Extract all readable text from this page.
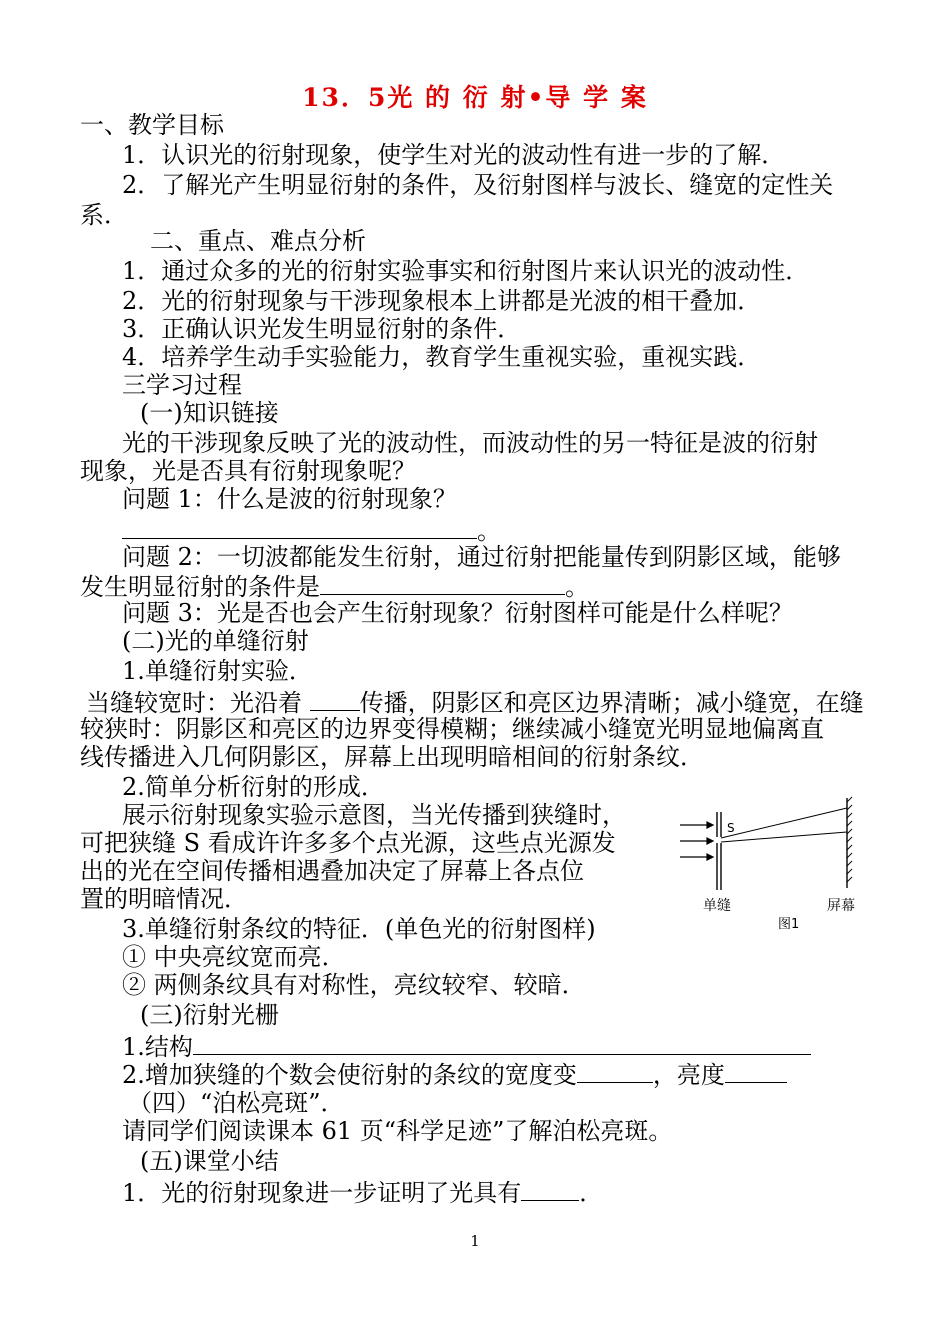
13．5光 的 衍 射•导 学 案
一、教学目标
1．认识光的衍射现象，使学生对光的波动性有进一步的了解．
2．了解光产生明显衍射的条件，及衍射图样与波长、缝宽的定性关
系．
二、重点、难点分析
1．通过众多的光的衍射实验事实和衍射图片来认识光的波动性．
2．光的衍射现象与干涉现象根本上讲都是光波的相干叠加．
3．正确认识光发生明显衍射的条件．
4．培养学生动手实验能力，教育学生重视实验，重视实践．
三学习过程
(一)知识链接
光的干涉现象反映了光的波动性，而波动性的另一特征是波的衍射
现象，光是否具有衍射现象呢？
问题 1：什么是波的衍射现象？
。
问题 2：一切波都能发生衍射，通过衍射把能量传到阴影区域，能够
发生明显衍射的条件是	。
问题 3：光是否也会产生衍射现象？衍射图样可能是什么样呢？
(二)光的单缝衍射
1.单缝衍射实验．
当缝较宽时：光沿着 传播，阴影区和亮区边界清晰；减小缝宽，在缝
较狭时：阴影区和亮区的边界变得模糊；继续减小缝宽光明显地偏离直
线传播进入几何阴影区，屏幕上出现明暗相间的衍射条纹．
2.简单分析衍射的形成．
展示衍射现象实验示意图，当光传播到狭缝时，
可把狭缝 S 看成许许多多个点光源，这些点光源发
出的光在空间传播相遇叠加决定了屏幕上各点位
置的明暗情况．
3.单缝衍射条纹的特征．(单色光的衍射图样)
① 中央亮纹宽而亮．
② 两侧条纹具有对称性，亮纹较窄、较暗．
(三)衍射光栅
1.结构
2.增加狭缝的个数会使衍射的条纹的宽度变	，亮度
（四）“泊松亮斑”．
请同学们阅读课本 61 页“科学足迹”了解泊松亮斑。
(五)课堂小结
1．光的衍射现象进一步证明了光具有 ．
S
单缝	屏幕
图1
1
